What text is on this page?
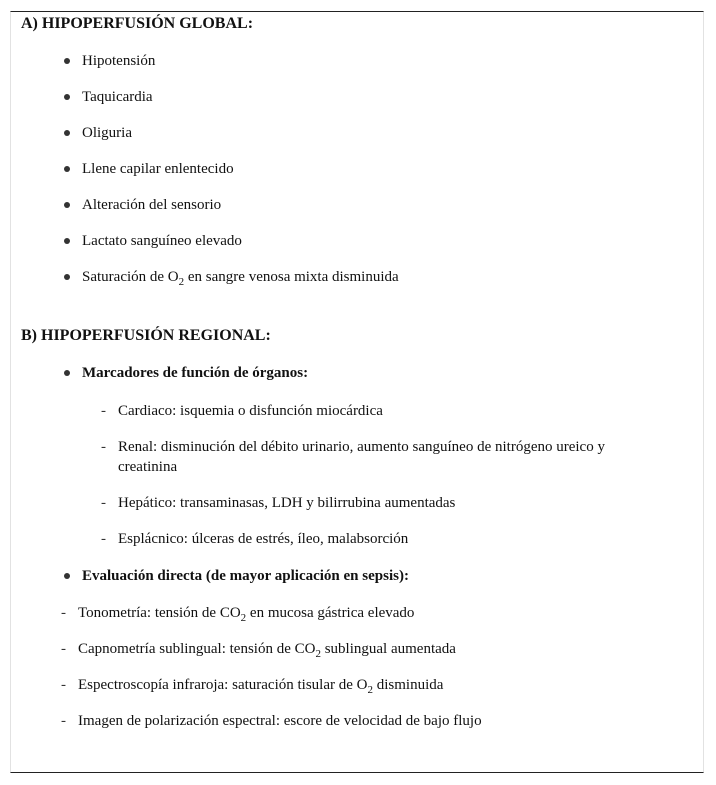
A) HIPOPERFUSIÓN GLOBAL:
Hipotensión
Taquicardia
Oliguria
Llene capilar enlentecido
Alteración del sensorio
Lactato sanguíneo elevado
Saturación de $O_2$ en sangre venosa mixta disminuida
B) HIPOPERFUSIÓN REGIONAL:
Marcadores de función de órganos:
- Cardiaco: isquemia o disfunción miocárdica
- Renal: disminución del débito urinario, aumento sanguíneo de nitrógeno ureico y
creatinina
- Hepático: transaminasas, LDH y bilirrubina aumentadas
- Esplácnico: úlceras de estrés, íleo, malabsorción
Evaluación directa (de mayor aplicación en sepsis):
- Tonometría: tensión de $CO_2$ en mucosa gástrica elevado
- Capnometría sublingual: tensión de $CO_2$ sublingual aumentada
- Espectroscopía infraroja: saturación tisular de $O_2$ disminuida
- Imagen de polarización espectral: escore de velocidad de bajo flujo
